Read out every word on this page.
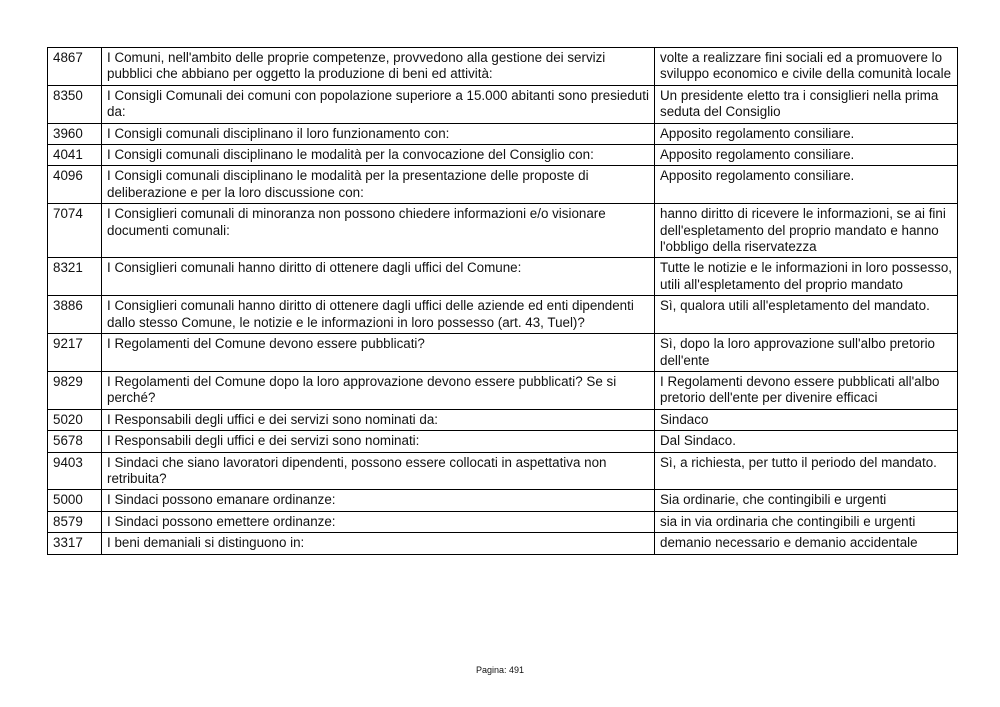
4867	I Comuni, nell'ambito delle proprie competenze, provvedono alla gestione dei servizi pubblici che abbiano per oggetto la produzione di beni ed attività:	volte a realizzare fini sociali ed a promuovere lo sviluppo economico e civile della comunità locale
8350	I Consigli Comunali dei comuni con popolazione superiore a 15.000 abitanti sono presieduti da:	Un presidente eletto tra i consiglieri nella prima seduta del Consiglio
3960	I Consigli comunali disciplinano il loro funzionamento con:	Apposito regolamento consiliare.
4041	I Consigli comunali disciplinano le modalità per la convocazione del Consiglio con:	Apposito regolamento consiliare.
4096	I Consigli comunali disciplinano le modalità per la presentazione delle proposte di deliberazione e per la loro discussione con:	Apposito regolamento consiliare.
7074	I Consiglieri comunali di minoranza non possono chiedere informazioni e/o visionare documenti comunali:	hanno diritto di ricevere le informazioni, se ai fini dell'espletamento del proprio mandato e hanno l'obbligo della riservatezza
8321	I Consiglieri comunali hanno diritto di ottenere dagli uffici del Comune:	Tutte le notizie e le informazioni in loro possesso, utili all'espletamento del proprio mandato
3886	I Consiglieri comunali hanno diritto di ottenere dagli uffici delle aziende ed enti dipendenti dallo stesso Comune, le notizie e le informazioni in loro possesso (art. 43, Tuel)?	Sì, qualora utili all'espletamento del mandato.
9217	I Regolamenti del Comune devono essere pubblicati?	Sì, dopo la loro approvazione sull'albo pretorio dell'ente
9829	I Regolamenti del Comune dopo la loro approvazione devono essere pubblicati? Se si perché?	I Regolamenti devono essere pubblicati all'albo pretorio dell'ente per divenire efficaci
5020	I Responsabili degli uffici e dei servizi sono nominati da:	Sindaco
5678	I Responsabili degli uffici e dei servizi sono nominati:	Dal Sindaco.
9403	I Sindaci che siano lavoratori dipendenti, possono essere collocati in aspettativa non retribuita?	Sì, a richiesta, per tutto il periodo del mandato.
5000	I Sindaci possono emanare ordinanze:	Sia ordinarie, che contingibili e urgenti
8579	I Sindaci possono emettere ordinanze:	sia in via ordinaria che contingibili e urgenti
3317	I beni demaniali si distinguono in:	demanio necessario e demanio accidentale
Pagina: 491
